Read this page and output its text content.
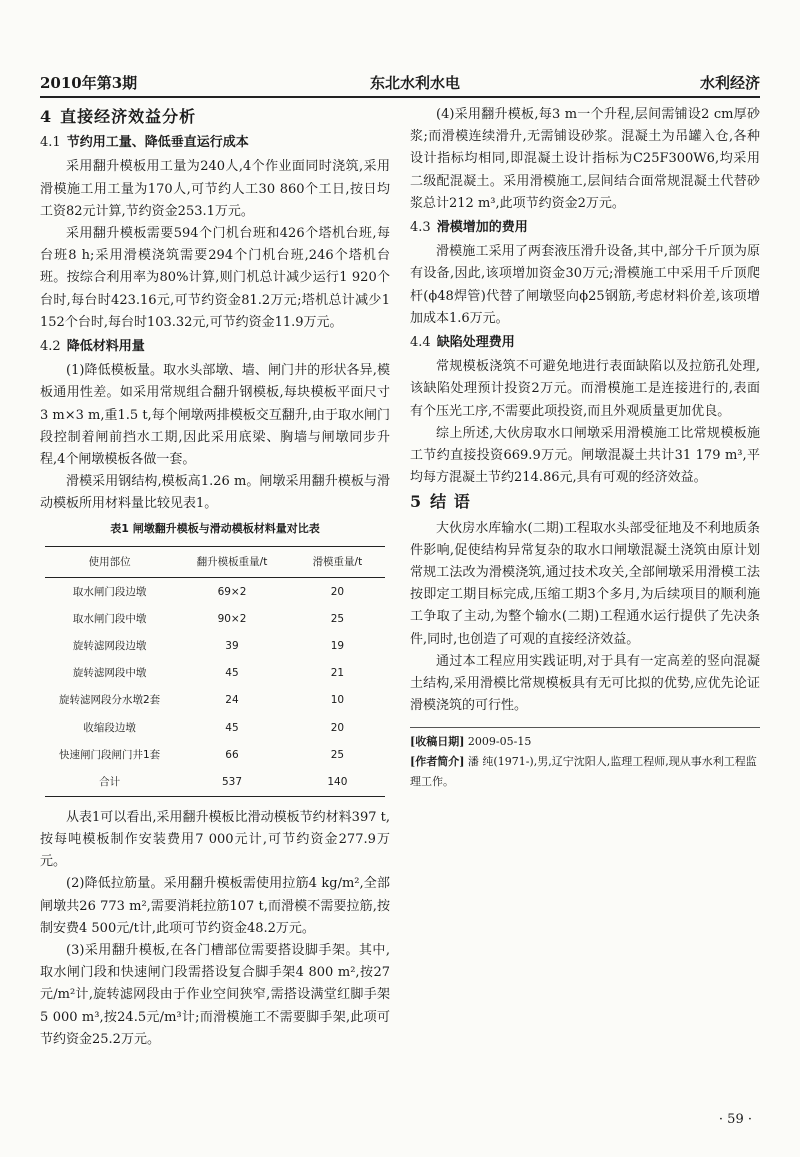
2010年第3期	东北水利水电	水利经济
4 直接经济效益分析
4.1 节约用工量、降低垂直运行成本

采用翻升模板用工量为240人,4个作业面同时浇筑,采用滑模施工用工量为170人,可节约人工30 860个工日,按日均工资82元计算,节约资金253.1万元。

采用翻升模板需要594个门机台班和426个塔机台班,每台班8 h;采用滑模浇筑需要294个门机台班,246个塔机台班。按综合利用率为80%计算,则门机总计减少运行1 920个台时,每台时423.16元,可节约资金81.2万元;塔机总计减少1 152个台时,每台时103.32元,可节约资金11.9万元。

4.2 降低材料用量

(1)降低模板量。取水头部墩、墙、闸门井的形状各异,模板通用性差。如采用常规组合翻升钢模板,每块模板平面尺寸3 m×3 m,重1.5 t,每个闸墩两排模板交互翻升,由于取水闸门段控制着闸前挡水工期,因此采用底梁、胸墙与闸墩同步升程,4个闸墩模板各做一套。

滑模采用钢结构,模板高1.26 m。闸墩采用翻升模板与滑动模板所用材料量比较见表1。

表1 闸墩翻升模板与滑动模板材料量对比表
使用部位	翻升模板重量/t	滑模重量/t
取水闸门段边墩	69×2	20
取水闸门段中墩	90×2	25
旋转滤网段边墩	39	19
旋转滤网段中墩	45	21
旋转滤网段分水墩2套	24	10
收缩段边墩	45	20
快速闸门段闸门井1套	66	25
合计	537	140

从表1可以看出,采用翻升模板比滑动模板节约材料397 t,按每吨模板制作安装费用7 000元计,可节约资金277.9万元。

(2)降低拉筋量。采用翻升模板需使用拉筋4 kg/m²,全部闸墩共26 773 m²,需要消耗拉筋107 t,而滑模不需要拉筋,按制安费4 500元/t计,此项可节约资金48.2万元。

(3)采用翻升模板,在各门槽部位需要搭设脚手架。其中,取水闸门段和快速闸门段需搭设复合脚手架4 800 m²,按27元/m²计,旋转滤网段由于作业空间狭窄,需搭设满堂红脚手架5 000 m³,按24.5元/m³计;而滑模施工不需要脚手架,此项可节约资金25.2万元。

(4)采用翻升模板,每3 m一个升程,层间需铺设2 cm厚砂浆;而滑模连续滑升,无需铺设砂浆。混凝土为吊罐入仓,各种设计指标均相同,即混凝土设计指标为C25F300W6,均采用二级配混凝土。采用滑模施工,层间结合面常规混凝土代替砂浆总计212 m³,此项节约资金2万元。

4.3 滑模增加的费用

滑模施工采用了两套液压滑升设备,其中,部分千斤顶为原有设备,因此,该项增加资金30万元;滑模施工中采用千斤顶爬杆(ϕ48焊管)代替了闸墩竖向ϕ25钢筋,考虑材料价差,该项增加成本1.6万元。

4.4 缺陷处理费用

常规模板浇筑不可避免地进行表面缺陷以及拉筋孔处理,该缺陷处理预计投资2万元。而滑模施工是连接进行的,表面有个压光工序,不需要此项投资,而且外观质量更加优良。

综上所述,大伙房取水口闸墩采用滑模施工比常规模板施工节约直接投资669.9万元。闸墩混凝土共计31 179 m³,平均每方混凝土节约214.86元,具有可观的经济效益。

5 结 语

大伙房水库输水(二期)工程取水头部受征地及不利地质条件影响,促使结构异常复杂的取水口闸墩混凝土浇筑由原计划常规工法改为滑模浇筑,通过技术攻关,全部闸墩采用滑模工法按即定工期目标完成,压缩工期3个多月,为后续项目的顺利施工争取了主动,为整个输水(二期)工程通水运行提供了先决条件,同时,也创造了可观的直接经济效益。

通过本工程应用实践证明,对于具有一定高差的竖向混凝土结构,采用滑模比常规模板具有无可比拟的优势,应优先论证滑模浇筑的可行性。

[收稿日期] 2009-05-15
[作者简介] 潘 纯(1971-),男,辽宁沈阳人,监理工程师,现从事水利工程监理工作。
· 59 ·
